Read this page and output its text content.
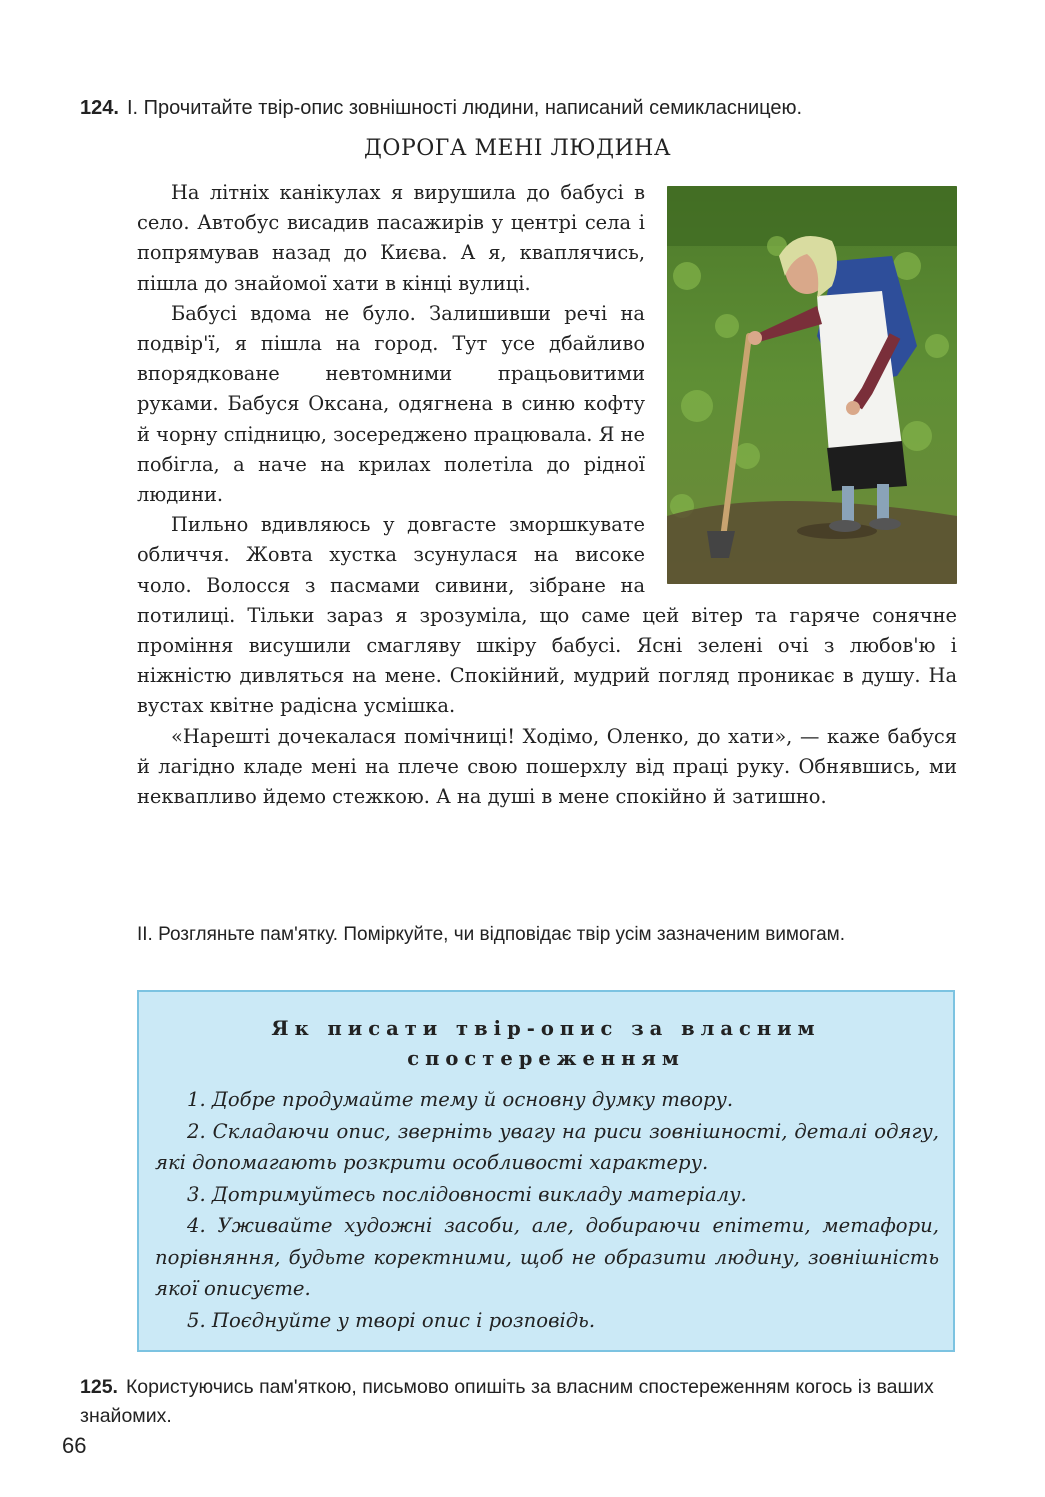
124. І. Прочитайте твір-опис зовнішності людини, написаний семикласницею.
ДОРОГА МЕНІ ЛЮДИНА

На літніх канікулах я вирушила до бабусі в село. Автобус висадив пасажирів у центрі села і попрямував назад до Києва. А я, кваплячись, пішла до знайомої хати в кінці вулиці.

Бабусі вдома не було. Залишивши речі на подвір'ї, я пішла на город. Тут усе дбайливо впорядковане невтомними працьовитими руками. Бабуся Оксана, одягнена в синю кофту й чорну спідницю, зосереджено працювала. Я не побігла, а наче на крилах полетіла до рідної людини.

Пильно вдивляюсь у довгасте зморшкувате обличчя. Жовта хустка зсунулася на високе чоло. Волосся з пасмами сивини, зібране на потилиці. Тільки зараз я зрозуміла, що саме цей вітер та гаряче сонячне проміння висушили смагляву шкіру бабусі. Ясні зелені очі з любов'ю і ніжністю дивляться на мене. Спокійний, мудрий погляд проникає в душу. На вустах квітне радісна усмішка.

«Нарешті дочекалася помічниці! Ходімо, Оленко, до хати», — каже бабуся й лагідно кладе мені на плече свою пошерхлу від праці руку. Обнявшись, ми неквапливо йдемо стежкою. А на душі в мене спокійно й затишно.

ІІ. Розгляньте пам'ятку. Поміркуйте, чи відповідає твір усім зазначеним вимогам.
Як писати твір-опис за власним спостереженням
1. Добре продумайте тему й основну думку твору.
2. Складаючи опис, зверніть увагу на риси зовнішності, деталі одягу, які допомагають розкрити особливості характеру.
3. Дотримуйтесь послідовності викладу матеріалу.
4. Уживайте художні засоби, але, добираючи епітети, метафори, порівняння, будьте коректними, щоб не образити людину, зовнішність якої описуєте.
5. Поєднуйте у творі опис і розповідь.
125. Користуючись пам'яткою, письмово опишіть за власним спостереженням когось із ваших знайомих.
66
